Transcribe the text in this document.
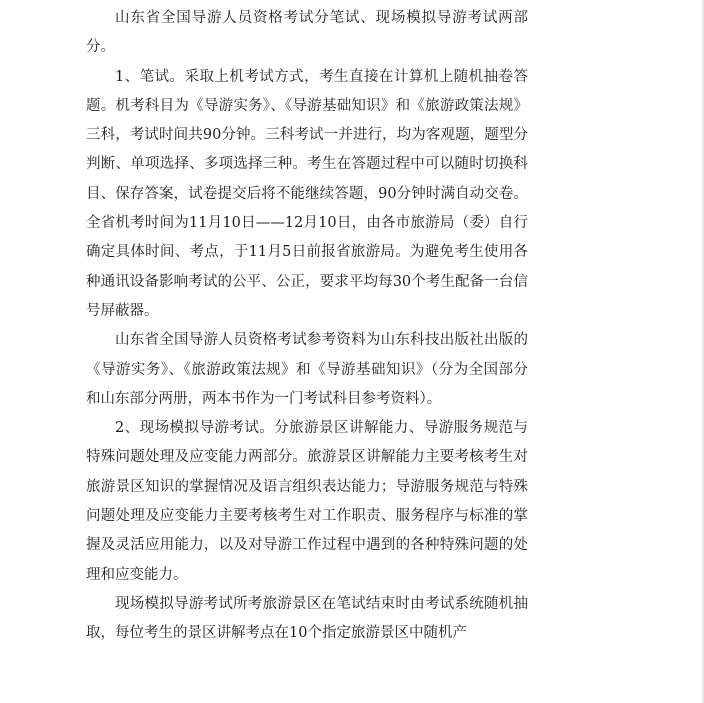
山东省全国导游人员资格考试分笔试、现场模拟导游考试两部分。

1、笔试。采取上机考试方式，考生直接在计算机上随机抽卷答题。机考科目为《导游实务》、《导游基础知识》和《旅游政策法规》三科，考试时间共90分钟。三科考试一并进行，均为客观题，题型分判断、单项选择、多项选择三种。考生在答题过程中可以随时切换科目、保存答案，试卷提交后将不能继续答题，90分钟时满自动交卷。全省机考时间为11月10日——12月10日，由各市旅游局（委）自行确定具体时间、考点，于11月5日前报省旅游局。为避免考生使用各种通讯设备影响考试的公平、公正，要求平均每30个考生配备一台信号屏蔽器。

山东省全国导游人员资格考试参考资料为山东科技出版社出版的《导游实务》、《旅游政策法规》和《导游基础知识》（分为全国部分和山东部分两册，两本书作为一门考试科目参考资料）。

2、现场模拟导游考试。分旅游景区讲解能力、导游服务规范与特殊问题处理及应变能力两部分。旅游景区讲解能力主要考核考生对旅游景区知识的掌握情况及语言组织表达能力；导游服务规范与特殊问题处理及应变能力主要考核考生对工作职责、服务程序与标准的掌握及灵活应用能力，以及对导游工作过程中遇到的各种特殊问题的处理和应变能力。

现场模拟导游考试所考旅游景区在笔试结束时由考试系统随机抽取，每位考生的景区讲解考点在10个指定旅游景区中随机产
